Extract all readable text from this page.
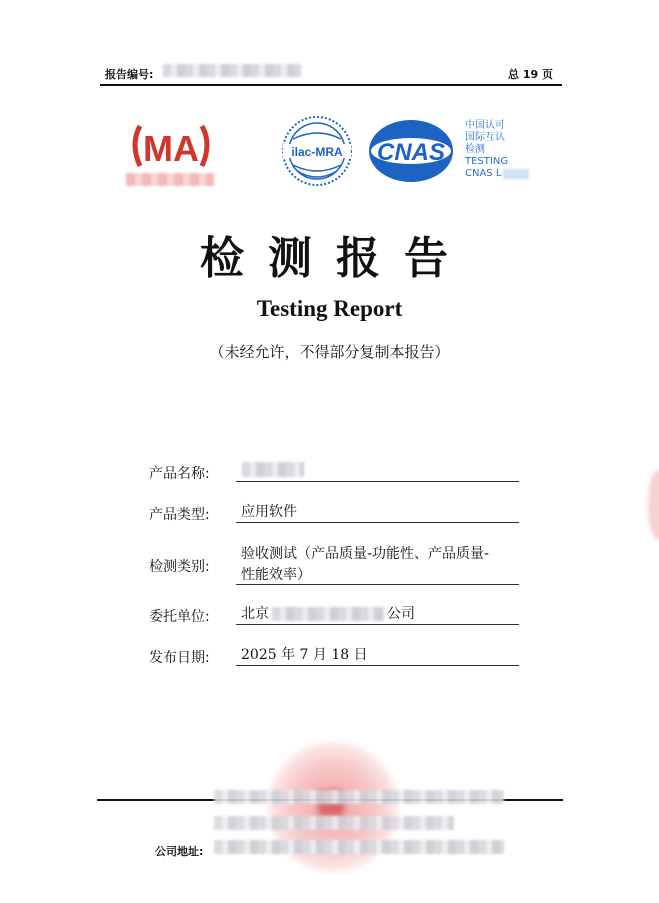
报告编号:	总 19 页
MA	ilac-MRA CNAS
中国认可
国际互认
检测
TESTING
CNAS L
检测报告
Testing Report
（未经允许，不得部分复制本报告）
产品名称:
产品类型: 应用软件
检测类别:
验收测试（产品质量-功能性、产品质量-
性能效率）
委托单位: 北京	公司
发布日期: 2025 年 7 月 18 日
公司地址:
